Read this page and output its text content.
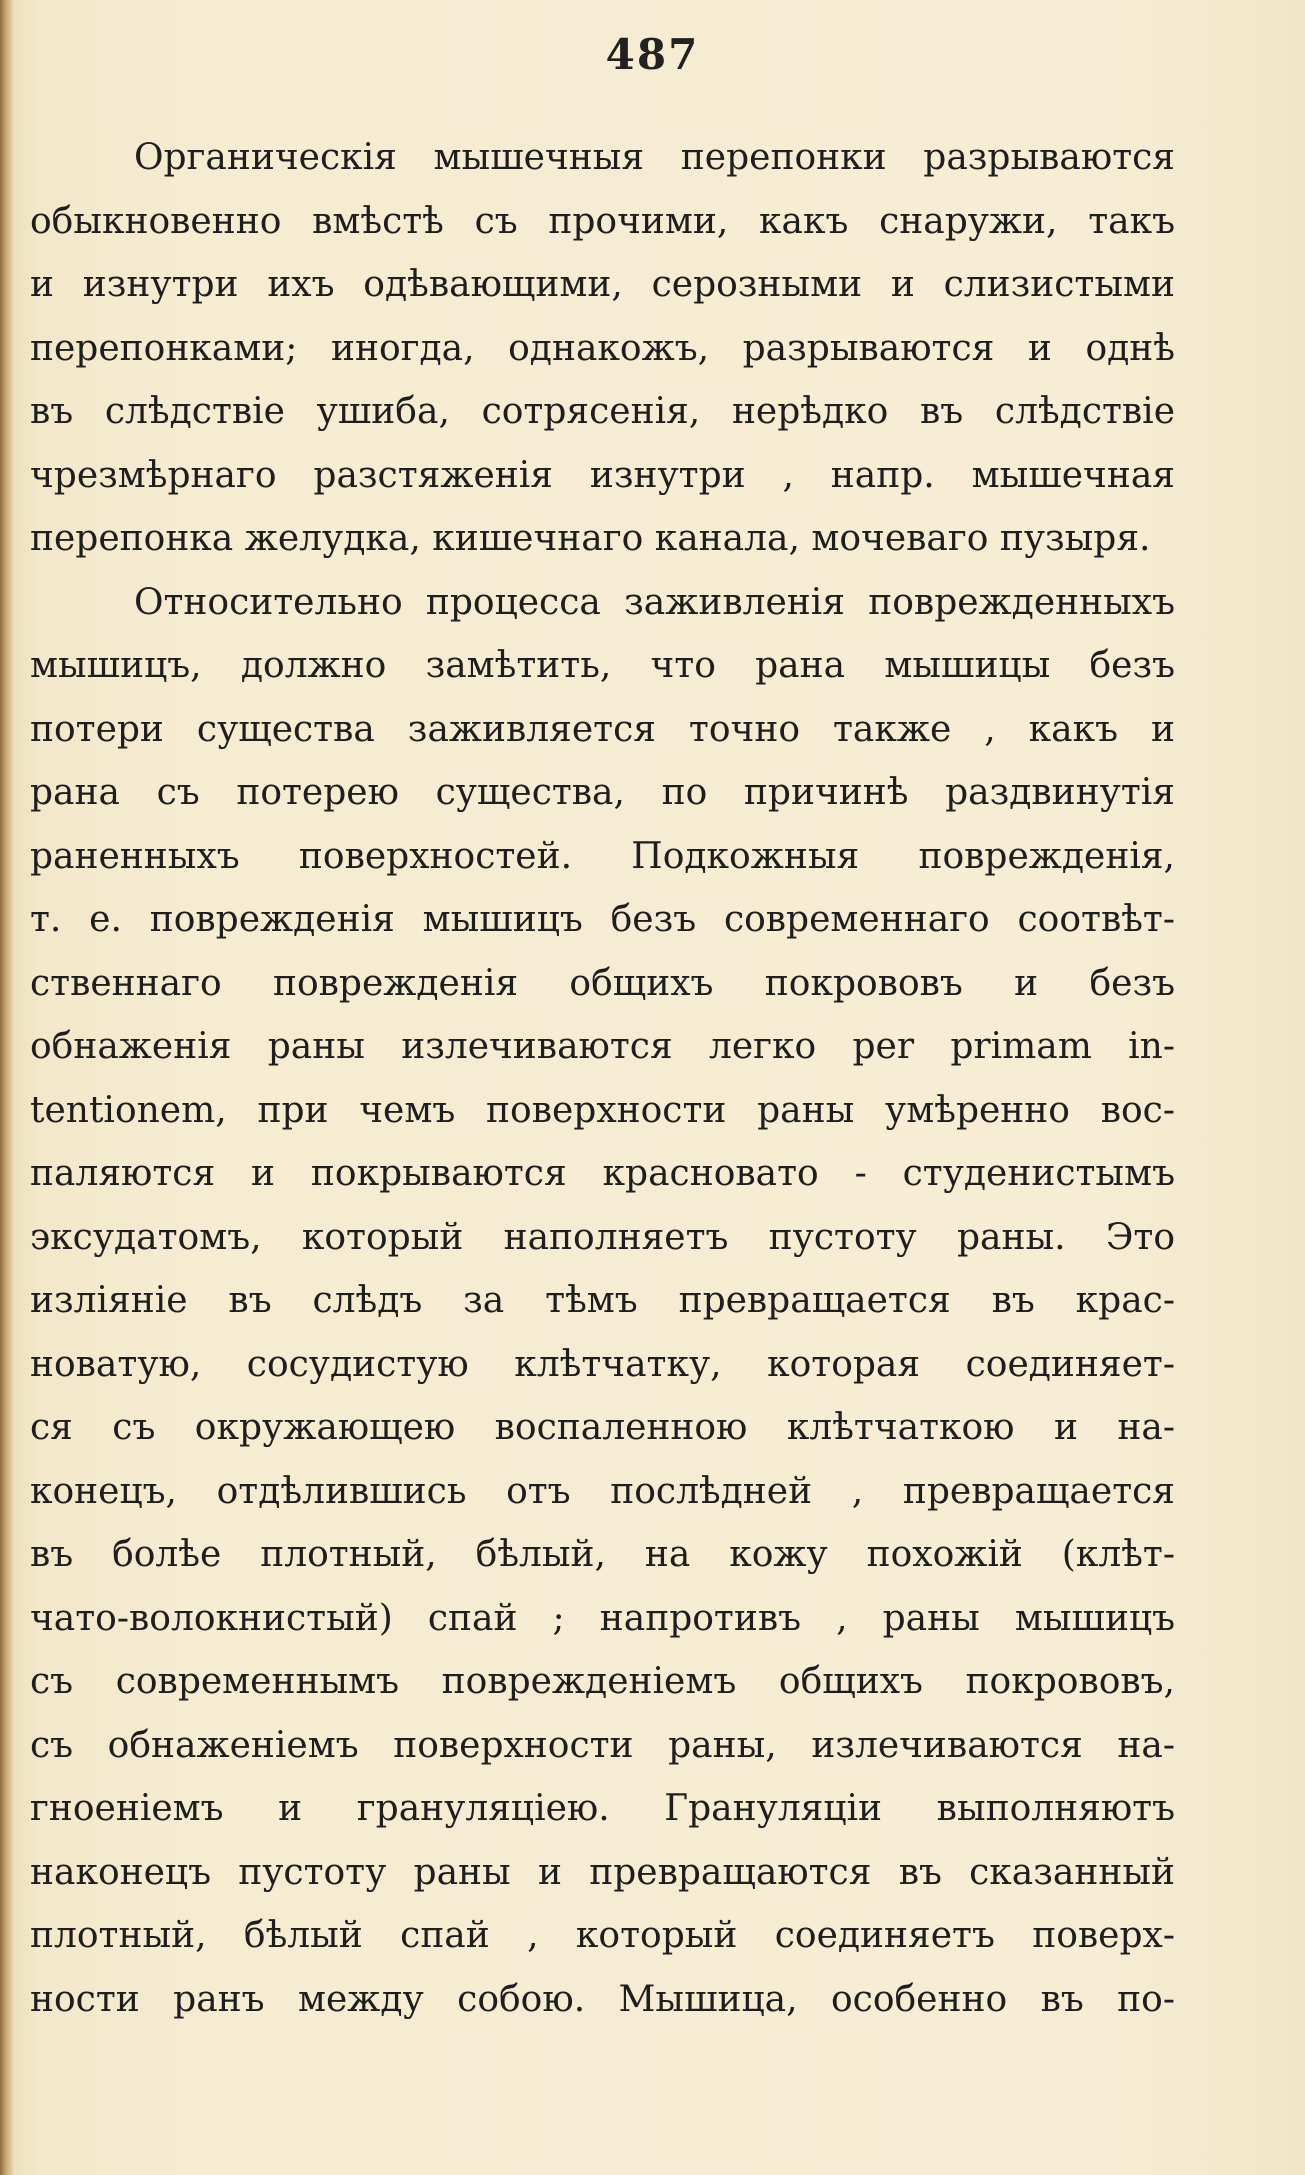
487
Органическія мышечныя перепонки разрываются
обыкновенно вмѣстѣ съ прочими, какъ снаружи, такъ
и изнутри ихъ одѣвающими, серозными и слизистыми
перепонками; иногда, однакожъ, разрываются и однѣ
въ слѣдствіе ушиба, сотрясенія, нерѣдко въ слѣдствіе
чрезмѣрнаго разстяженія изнутри , напр. мышечная
перепонка желудка, кишечнаго канала, мочеваго пузыря.
Относительно процесса заживленія поврежденныхъ
мышицъ, должно замѣтить, что рана мышицы безъ
потери существа заживляется точно также , какъ и
рана съ потерею существа, по причинѣ раздвинутія
раненныхъ поверхностей. Подкожныя поврежденія,
т. е. поврежденія мышицъ безъ современнаго соотвѣт-
ственнаго поврежденія общихъ покрововъ и безъ
обнаженія раны излечиваются легко per primam in-
tentionem, при чемъ поверхности раны умѣренно вос-
паляются и покрываются красновато - студенистымъ
эксудатомъ, который наполняетъ пустоту раны. Это
изліяніе въ слѣдъ за тѣмъ превращается въ крас-
новатую, сосудистую клѣтчатку, которая соединяет-
ся съ окружающею воспаленною клѣтчаткою и на-
конецъ, отдѣлившись отъ послѣдней , превращается
въ болѣе плотный, бѣлый, на кожу похожій (клѣт-
чато-волокнистый) спай ; напротивъ , раны мышицъ
съ современнымъ поврежденіемъ общихъ покрововъ,
съ обнаженіемъ поверхности раны, излечиваются на-
гноеніемъ и грануляціею. Грануляціи выполняютъ
наконецъ пустоту раны и превращаются въ сказанный
плотный, бѣлый спай , который соединяетъ поверх-
ности ранъ между собою. Мышица, особенно въ по-
